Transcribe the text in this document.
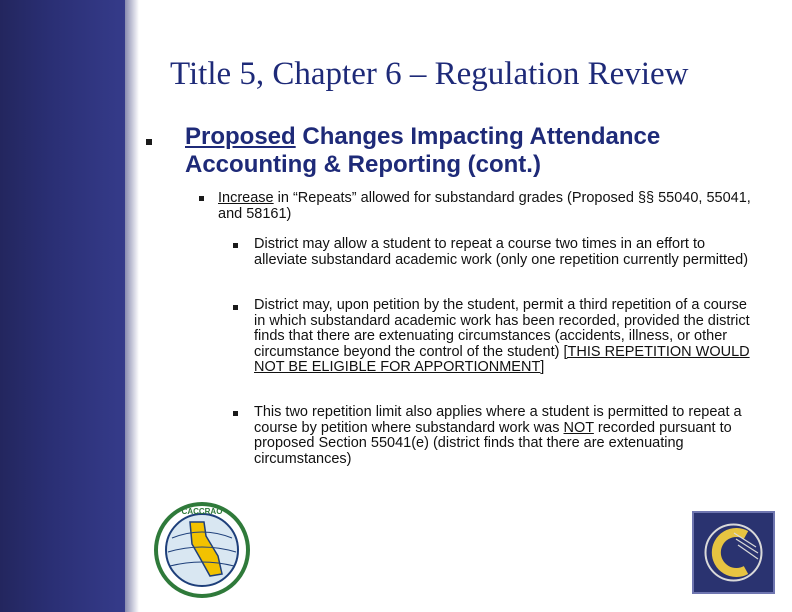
Title 5, Chapter 6 – Regulation Review
Proposed Changes Impacting Attendance Accounting & Reporting (cont.)
Increase in “Repeats” allowed for substandard grades (Proposed §§ 55040, 55041, and 58161)
District may allow a student to repeat a course two times in an effort to alleviate substandard academic work (only one repetition currently permitted)
District may, upon petition by the student, permit a third repetition of a course in which substandard academic work has been recorded, provided the district finds that there are extenuating circumstances (accidents, illness, or other circumstance beyond the control of the student) [THIS REPETITION WOULD NOT BE ELIGIBLE FOR APPORTIONMENT]
This two repetition limit also applies where a student is permitted to repeat a course by petition where substandard work was NOT recorded pursuant to proposed Section 55041(e) (district finds that there are extenuating circumstances)
CACCRAO
